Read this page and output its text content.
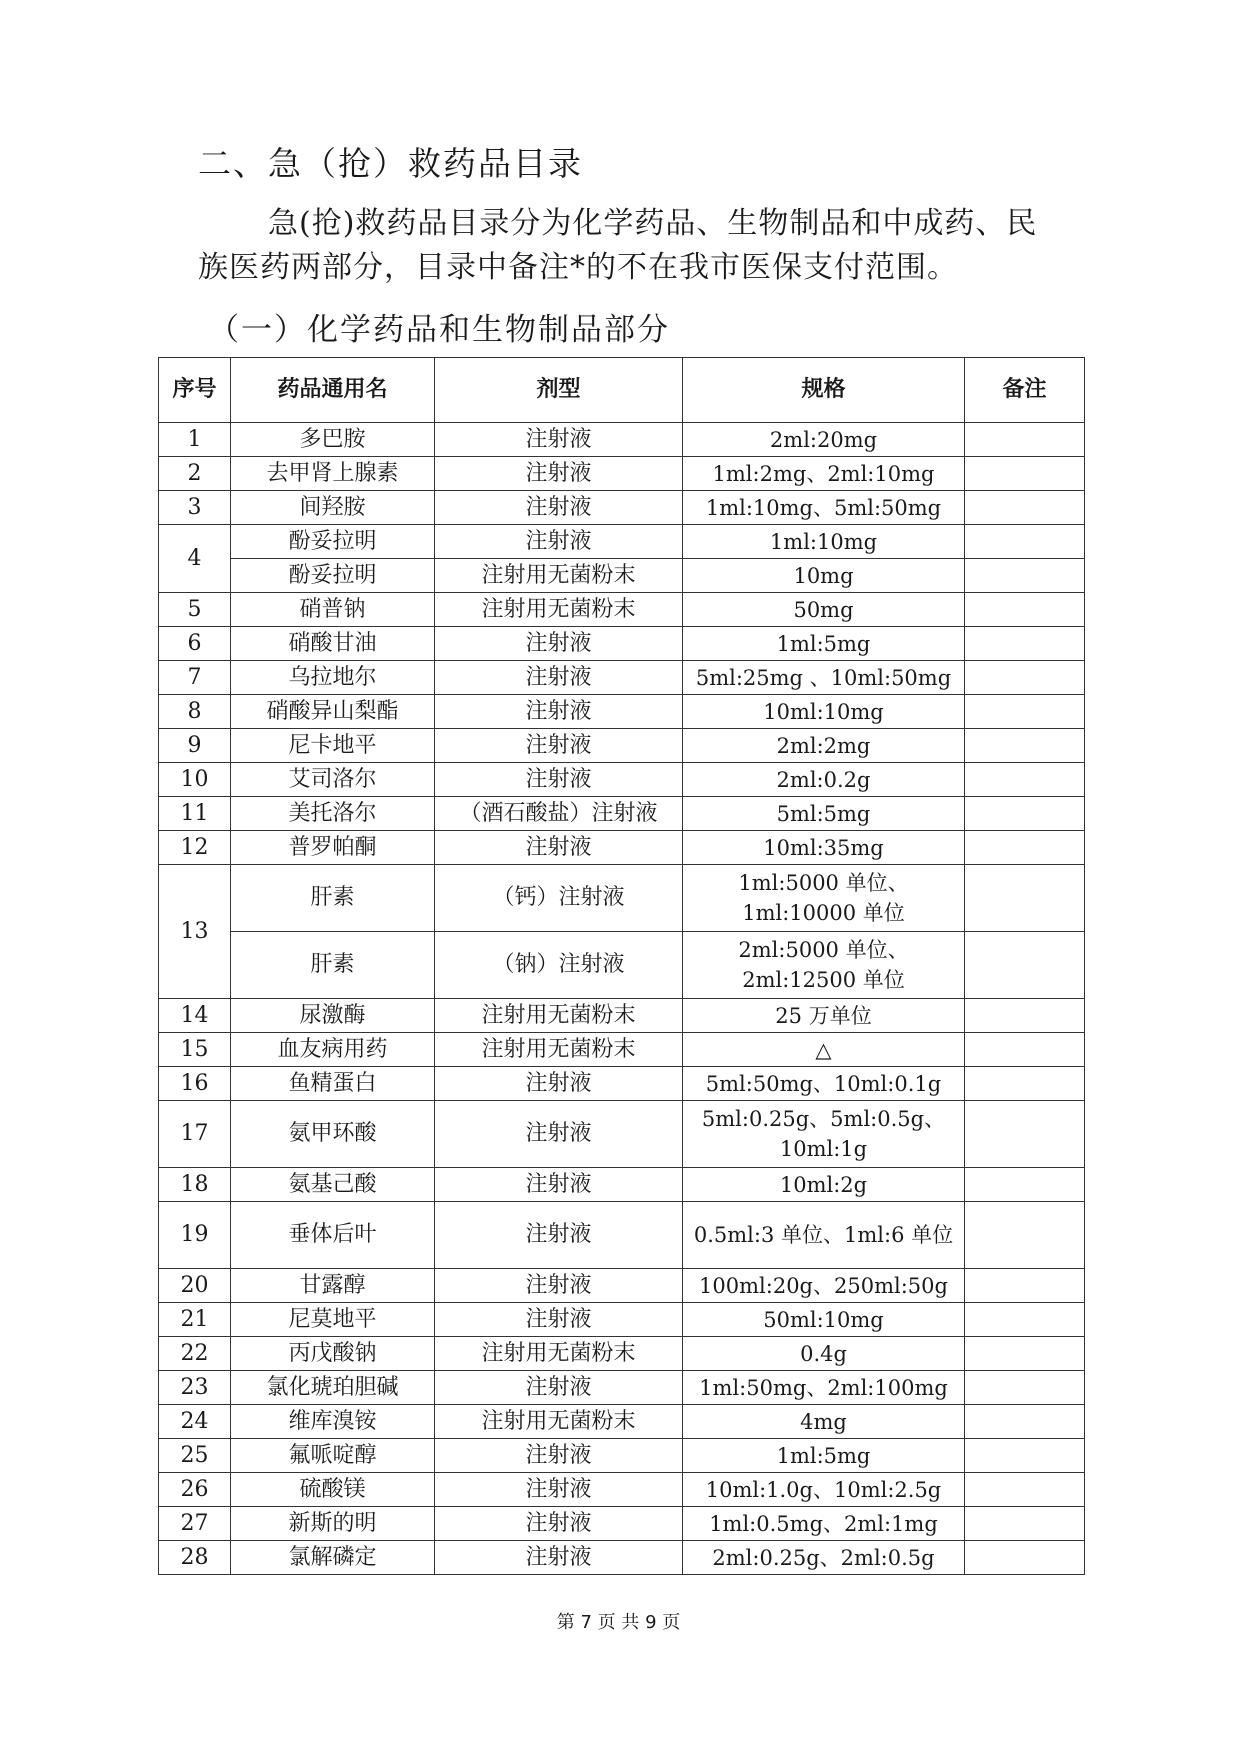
二、急（抢）救药品目录

急(抢)救药品目录分为化学药品、生物制品和中成药、民族医药两部分，目录中备注*的不在我市医保支付范围。

（一）化学药品和生物制品部分
序号	药品通用名	剂型	规格	备注
1	多巴胺	注射液	2ml:20mg	
2	去甲肾上腺素	注射液	1ml:2mg、2ml:10mg	
3	间羟胺	注射液	1ml:10mg、5ml:50mg	
4	酚妥拉明	注射液	1ml:10mg	
	酚妥拉明	注射用无菌粉末	10mg	
5	硝普钠	注射用无菌粉末	50mg	
6	硝酸甘油	注射液	1ml:5mg	
7	乌拉地尔	注射液	5ml:25mg 、10ml:50mg	
8	硝酸异山梨酯	注射液	10ml:10mg	
9	尼卡地平	注射液	2ml:2mg	
10	艾司洛尔	注射液	2ml:0.2g	
11	美托洛尔	（酒石酸盐）注射液	5ml:5mg	
12	普罗帕酮	注射液	10ml:35mg	
13	肝素	（钙）注射液	1ml:5000 单位、1ml:10000 单位	
	肝素	（钠）注射液	2ml:5000 单位、2ml:12500 单位	
14	尿激酶	注射用无菌粉末	25 万单位	
15	血友病用药	注射用无菌粉末	△	
16	鱼精蛋白	注射液	5ml:50mg、10ml:0.1g	
17	氨甲环酸	注射液	5ml:0.25g、5ml:0.5g、10ml:1g	
18	氨基己酸	注射液	10ml:2g	
19	垂体后叶	注射液	0.5ml:3 单位、1ml:6 单位	
20	甘露醇	注射液	100ml:20g、250ml:50g	
21	尼莫地平	注射液	50ml:10mg	
22	丙戊酸钠	注射用无菌粉末	0.4g	
23	氯化琥珀胆碱	注射液	1ml:50mg、2ml:100mg	
24	维库溴铵	注射用无菌粉末	4mg	
25	氟哌啶醇	注射液	1ml:5mg	
26	硫酸镁	注射液	10ml:1.0g、10ml:2.5g	
27	新斯的明	注射液	1ml:0.5mg、2ml:1mg	
28	氯解磷定	注射液	2ml:0.25g、2ml:0.5g	
第 7 页 共 9 页
